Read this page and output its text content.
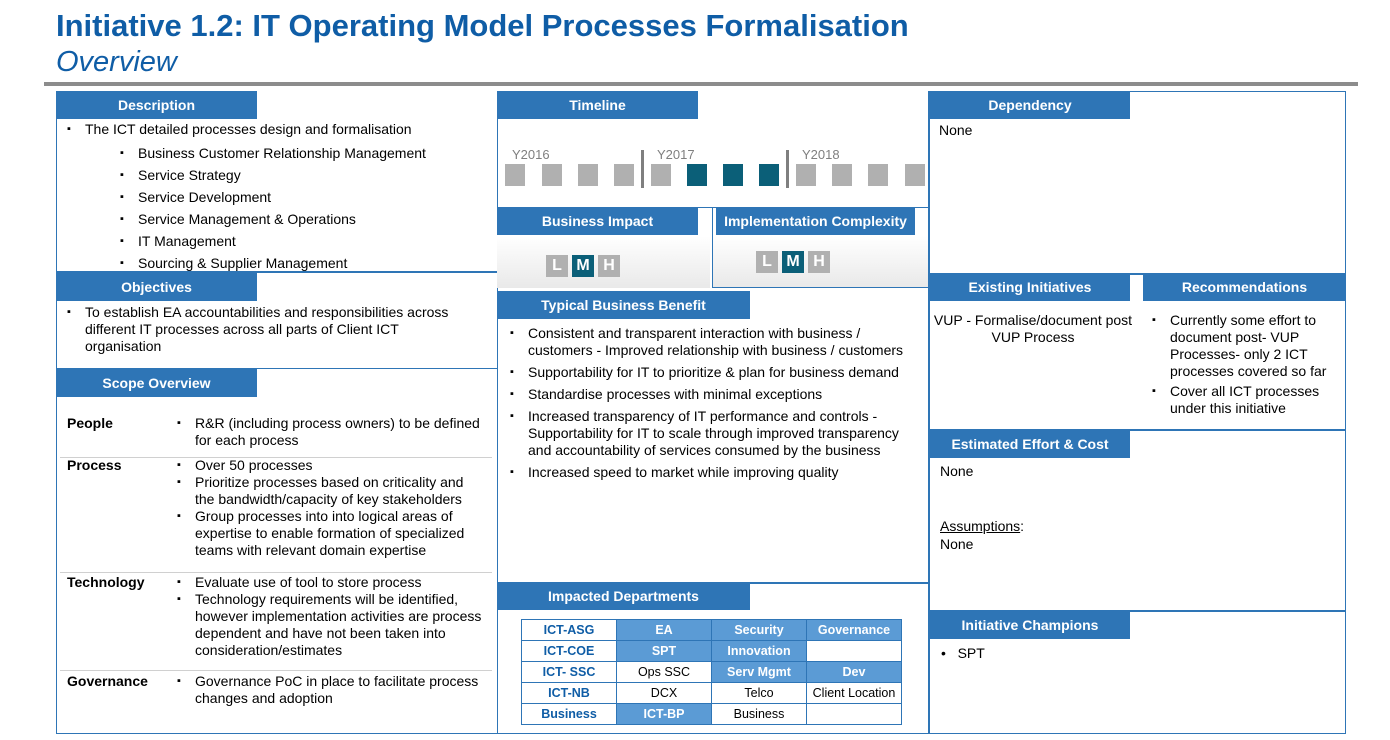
Initiative 1.2: IT Operating Model Processes Formalisation
Overview
Description
▪ The ICT detailed processes design and formalisation
▪ Business Customer Relationship Management
▪ Service Strategy
▪ Service Development
▪ Service Management & Operations
▪ IT Management
▪ Sourcing & Supplier Management
Objectives
▪ To establish EA accountabilities and responsibilities across different IT processes across all parts of Client ICT organisation
Scope Overview
People	▪ R&R (including process owners) to be defined for each process
Process	▪ Over 50 processes
▪ Prioritize processes based on criticality and the bandwidth/capacity of key stakeholders
▪ Group processes into into logical areas of expertise to enable formation of specialized teams with relevant domain expertise
Technology	▪ Evaluate use of tool to store process
▪ Technology requirements will be identified, however implementation activities are process dependent and have not been taken into consideration/estimates
Governance	▪ Governance PoC in place to facilitate process changes and adoption
Timeline
Y2016	Y2017	Y2018
Business Impact
L M H
Implementation Complexity
L M H
Typical Business Benefit
▪ Consistent and transparent interaction with business / customers - Improved relationship with business / customers
▪ Supportability for IT to prioritize & plan for business demand
▪ Standardise processes with minimal exceptions
▪ Increased transparency of IT performance and controls - Supportability for IT to scale through improved transparency and accountability of services consumed by the business
▪ Increased speed to market while improving quality
Impacted Departments
ICT-ASG	EA	Security	Governance
ICT-COE	SPT	Innovation	
ICT- SSC	Ops SSC	Serv Mgmt	Dev
ICT-NB	DCX	Telco	Client Location
Business	ICT-BP	Business	
Dependency
None
Existing Initiatives
VUP - Formalise/document post VUP Process
Recommendations
▪ Currently some effort to document post- VUP Processes- only 2 ICT processes covered so far
▪ Cover all ICT processes under this initiative
Estimated Effort & Cost
None
Assumptions:
None
Initiative Champions
•   SPT
